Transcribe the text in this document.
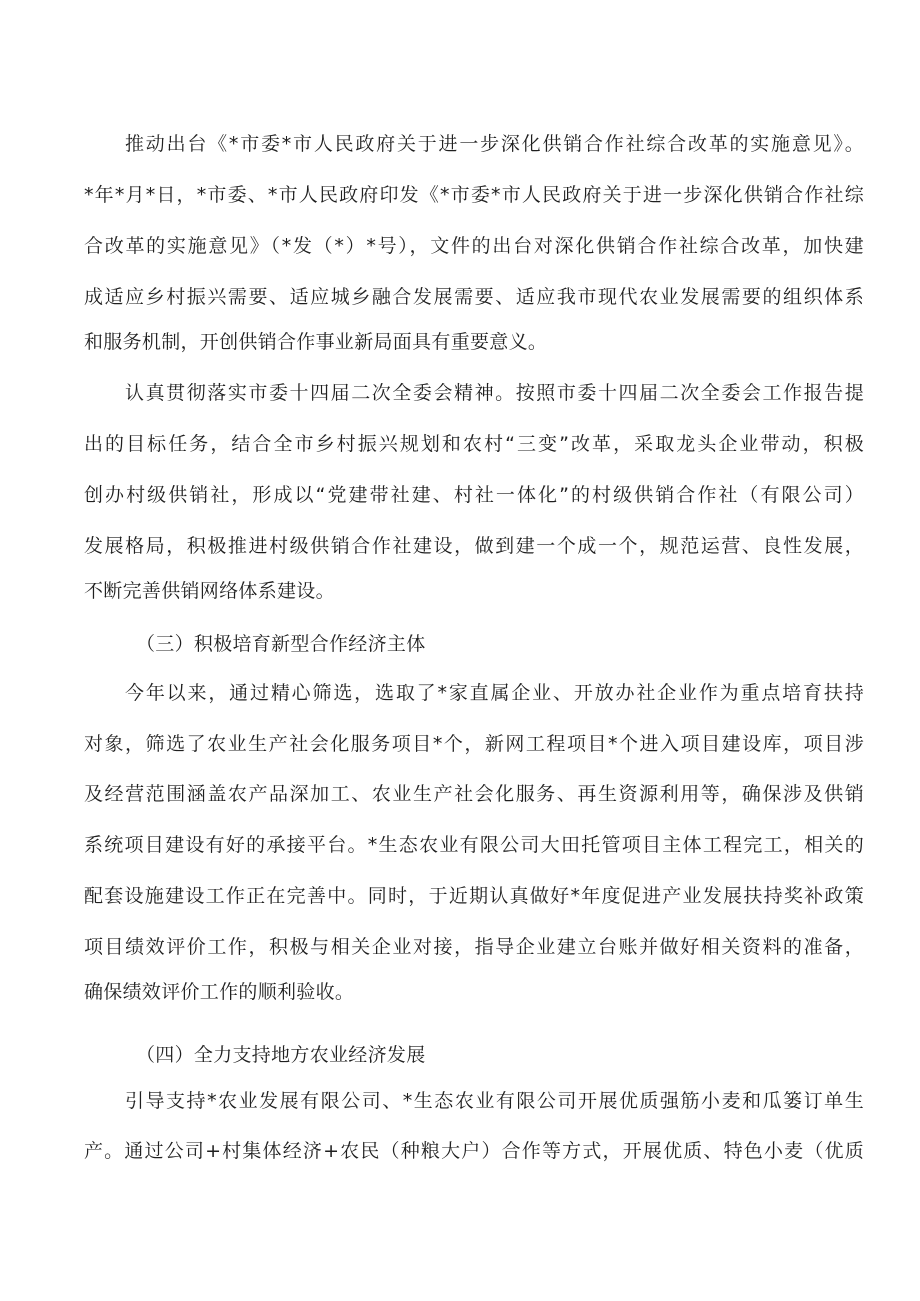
推动出台《*市委*市人民政府关于进一步深化供销合作社综合改革的实施意见》。
*年*月*日，*市委、*市人民政府印发《*市委*市人民政府关于进一步深化供销合作社综
合改革的实施意见》（*发（*）*号），文件的出台对深化供销合作社综合改革，加快建
成适应乡村振兴需要、适应城乡融合发展需要、适应我市现代农业发展需要的组织体系
和服务机制，开创供销合作事业新局面具有重要意义。
认真贯彻落实市委十四届二次全委会精神。按照市委十四届二次全委会工作报告提
出的目标任务，结合全市乡村振兴规划和农村“三变”改革，采取龙头企业带动，积极
创办村级供销社，形成以“党建带社建、村社一体化”的村级供销合作社（有限公司）
发展格局，积极推进村级供销合作社建设，做到建一个成一个，规范运营、良性发展，
不断完善供销网络体系建设。
（三）积极培育新型合作经济主体
今年以来，通过精心筛选，选取了*家直属企业、开放办社企业作为重点培育扶持
对象，筛选了农业生产社会化服务项目*个，新网工程项目*个进入项目建设库，项目涉
及经营范围涵盖农产品深加工、农业生产社会化服务、再生资源利用等，确保涉及供销
系统项目建设有好的承接平台。*生态农业有限公司大田托管项目主体工程完工，相关的
配套设施建设工作正在完善中。同时，于近期认真做好*年度促进产业发展扶持奖补政策
项目绩效评价工作，积极与相关企业对接，指导企业建立台账并做好相关资料的准备，
确保绩效评价工作的顺利验收。
（四）全力支持地方农业经济发展
引导支持*农业发展有限公司、*生态农业有限公司开展优质强筋小麦和瓜篓订单生
产。通过公司+村集体经济+农民（种粮大户）合作等方式，开展优质、特色小麦（优质
